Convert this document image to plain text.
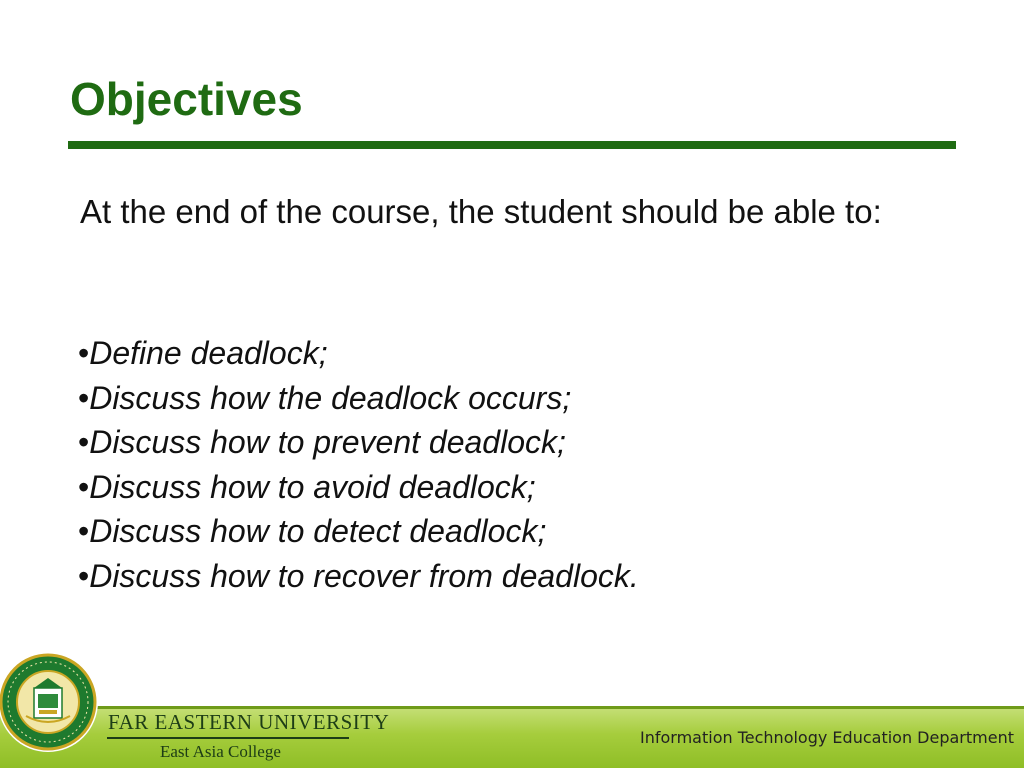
Objectives
At the end of the course, the student should be able to:
•Define deadlock;
•Discuss how the deadlock occurs;
•Discuss how to prevent deadlock;
•Discuss how to avoid deadlock;
•Discuss how to detect deadlock;
•Discuss how to recover from deadlock.
FAR EASTERN UNIVERSITY
East Asia College
Information Technology Education Department
